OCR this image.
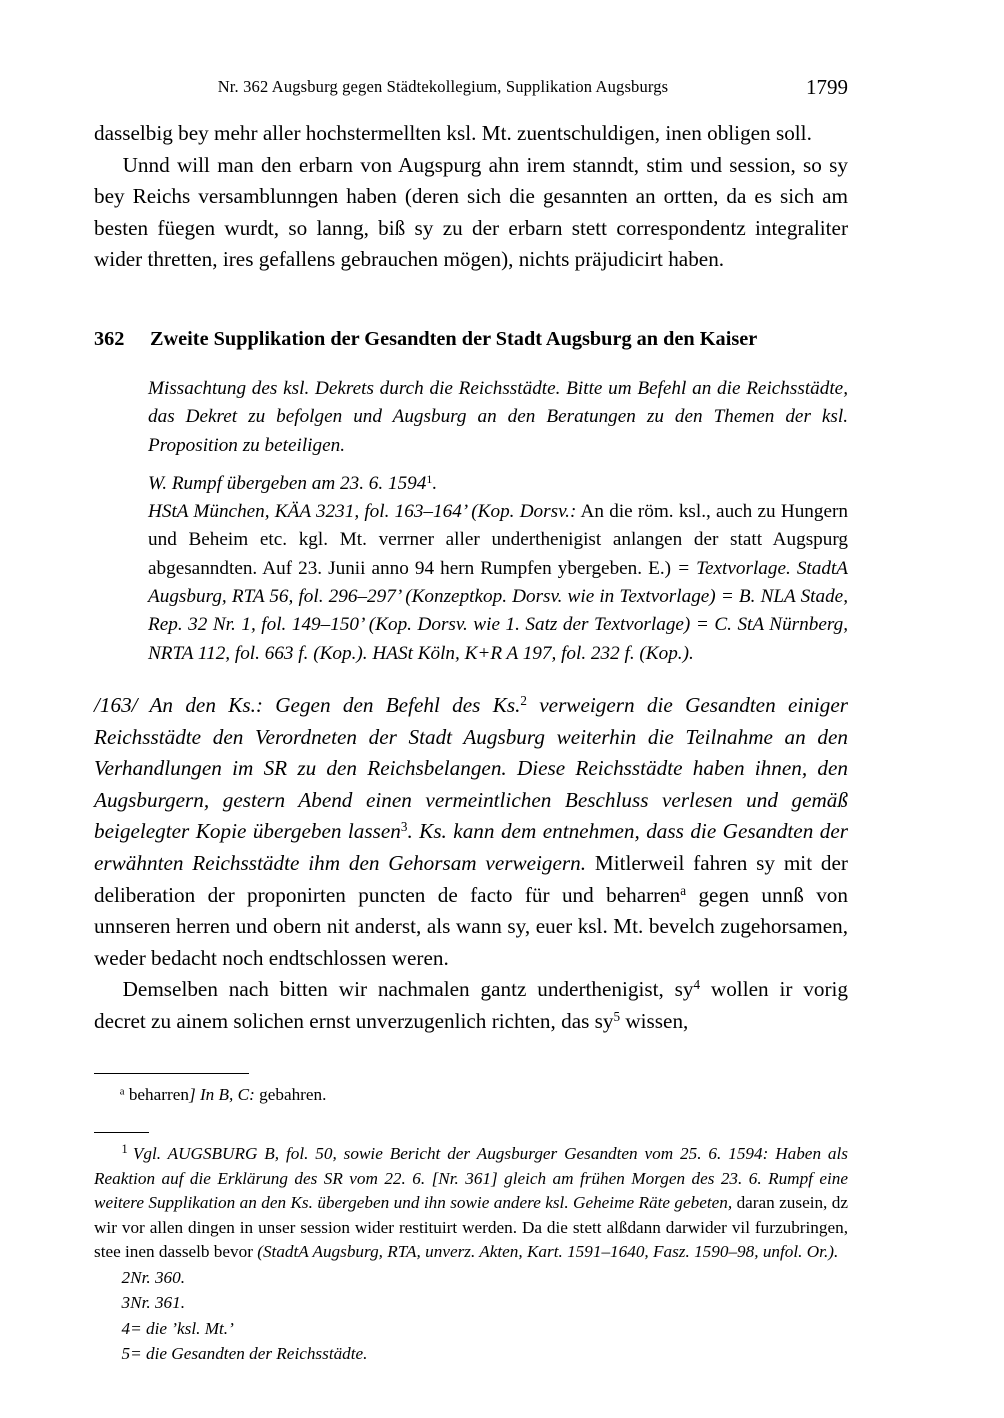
Nr. 362 Augsburg gegen Städtekollegium, Supplikation Augsburgs	1799

dasselbig bey mehr aller hochstermellten ksl. Mt. zuentschuldigen, inen obligen soll.

Unnd will man den erbarn von Augspurg ahn irem stanndt, stim und session, so sy bey Reichs versamblunngen haben (deren sich die gesannten an ortten, da es sich am besten füegen wurdt, so lanng, biß sy zu der erbarn stett correspondentz integraliter wider thretten, ires gefallens gebrauchen mögen), nichts präjudicirt haben.

362	Zweite Supplikation der Gesandten der Stadt Augsburg an den Kaiser

Missachtung des ksl. Dekrets durch die Reichsstädte. Bitte um Befehl an die Reichsstädte, das Dekret zu befolgen und Augsburg an den Beratungen zu den Themen der ksl. Proposition zu beteiligen.

W. Rumpf übergeben am 23. 6. 1594$^1$.

HStA München, KÄA 3231, fol. 163–164’ (Kop. Dorsv.: An die röm. ksl., auch zu Hungern und Beheim etc. kgl. Mt. verrner aller underthenigist anlangen der statt Augspurg abgesanndten. Auf 23. Junii anno 94 hern Rumpfen ybergeben. E.) = Textvorlage. StadtA Augsburg, RTA 56, fol. 296–297’ (Konzeptkop. Dorsv. wie in Textvorlage) = B. NLA Stade, Rep. 32 Nr. 1, fol. 149–150’ (Kop. Dorsv. wie 1. Satz der Textvorlage) = C. StA Nürnberg, NRTA 112, fol. 663 f. (Kop.). HASt Köln, K+R A 197, fol. 232 f. (Kop.).

/163/ An den Ks.: Gegen den Befehl des Ks.$^2$ verweigern die Gesandten einiger Reichsstädte den Verordneten der Stadt Augsburg weiterhin die Teilnahme an den Verhandlungen im SR zu den Reichsbelangen. Diese Reichsstädte haben ihnen, den Augsburgern, gestern Abend einen vermeintlichen Beschluss verlesen und gemäß beigelegter Kopie übergeben lassen$^3$. Ks. kann dem entnehmen, dass die Gesandten der erwähnten Reichsstädte ihm den Gehorsam verweigern. Mitlerweil fahren sy mit der deliberation der proponirten puncten de facto für und beharren$^a$ gegen unnß von unnseren herren und obern nit anderst, als wann sy, euer ksl. Mt. bevelch zugehorsamen, weder bedacht noch endtschlossen weren.

Demselben nach bitten wir nachmalen gantz underthenigist, $sy^4$ wollen ir vorig decret zu ainem solichen ernst unverzugenlich richten, das $sy^5$ wissen,

$^a$ beharren] In B, C: gebahren.

$^1$ Vgl. AUGSBURG B, fol. 50, sowie Bericht der Augsburger Gesandten vom 25. 6. 1594: Haben als Reaktion auf die Erklärung des SR vom 22. 6. [Nr. 361] gleich am frühen Morgen des 23. 6. Rumpf eine weitere Supplikation an den Ks. übergeben und ihn sowie andere ksl. Geheime Räte gebeten, daran zusein, dz wir vor allen dingen in unser session wider restituirt werden. Da die stett alßdann darwider vil furzubringen, stee inen dasselb bevor (StadtA Augsburg, RTA, unverz. Akten, Kart. 1591–1640, Fasz. 1590–98, unfol. Or.).

2Nr. 360.

3Nr. 361.

4= die ’ksl. Mt.’

5= die Gesandten der Reichsstädte.
